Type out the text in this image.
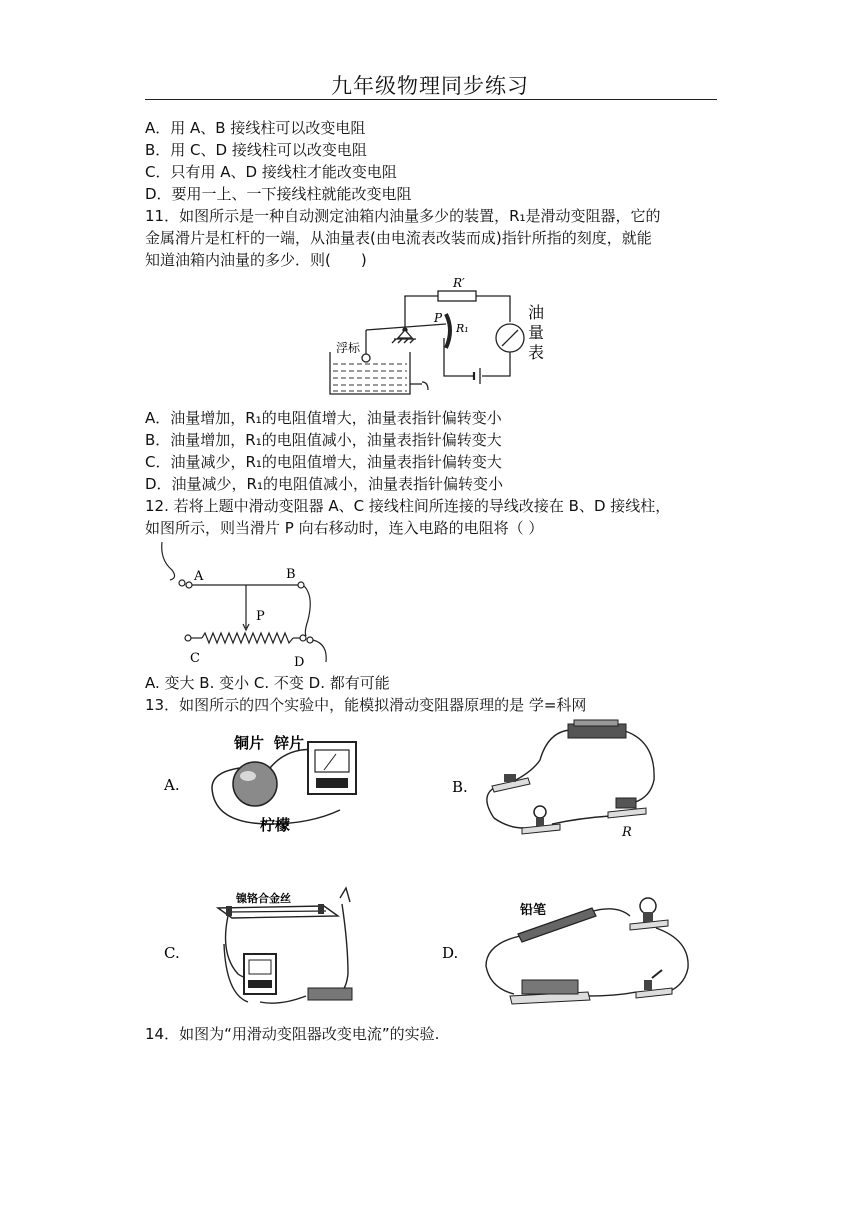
九年级物理同步练习
A．用 A、B 接线柱可以改变电阻
B．用 C、D 接线柱可以改变电阻
C．只有用 A、D 接线柱才能改变电阻
D．要用一上、一下接线柱就能改变电阻
11．如图所示是一种自动测定油箱内油量多少的装置，R₁是滑动变阻器，它的
金属滑片是杠杆的一端，从油量表(由电流表改装而成)指针所指的刻度，就能
知道油箱内油量的多少．则(　　)
R′
P
R₁
浮标
油
量
表
A．油量增加，R₁的电阻值增大，油量表指针偏转变小
B．油量增加，R₁的电阻值减小，油量表指针偏转变大
C．油量减少，R₁的电阻值增大，油量表指针偏转变大
D．油量减少，R₁的电阻值减小，油量表指针偏转变小
12. 若将上题中滑动变阻器 A、C 接线柱间所连接的导线改接在 B、D 接线柱，
如图所示，则当滑片 P 向右移动时，连入电路的电阻将（ ）
A	B
P
C	D
A. 变大 B. 变小 C. 不变 D. 都有可能
13．如图所示的四个实验中，能模拟滑动变阻器原理的是 学=科网
A.
铜片 锌片
柠檬
B.
R
C.
镍铬合金丝
D.
铅笔
14．如图为“用滑动变阻器改变电流”的实验.
